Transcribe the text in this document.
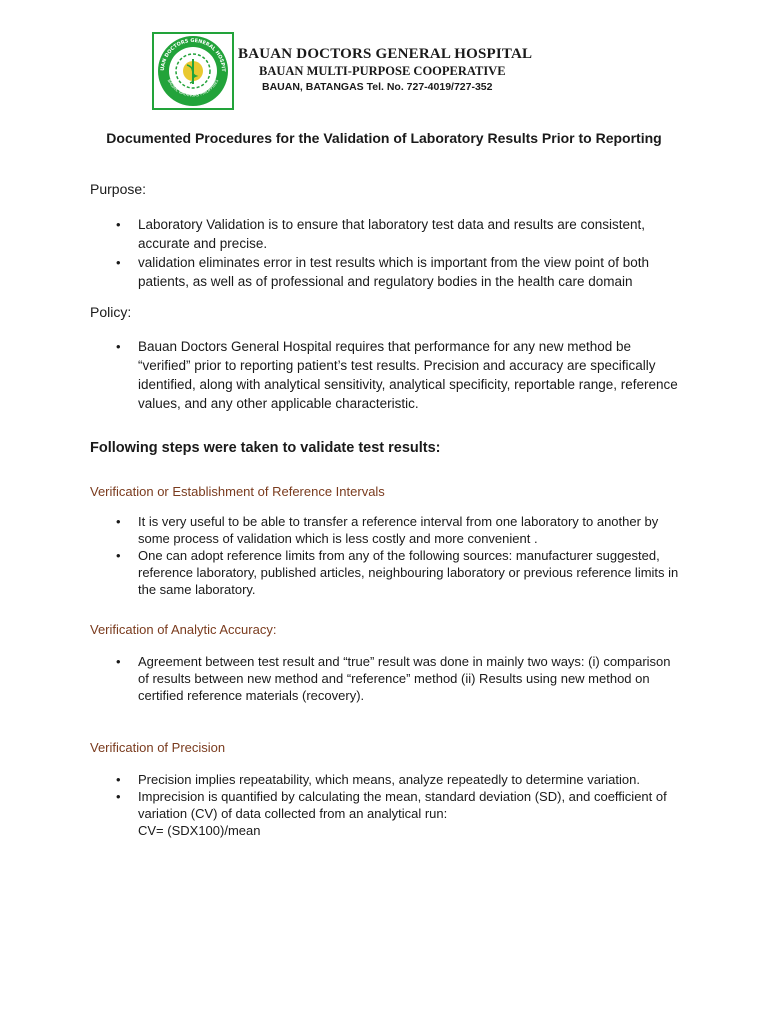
UAN DOCTORS GENERAL HOSPIT
BAUAN, BATANGAS PHILIPPINES
BAUAN DOCTORS GENERAL HOSPITAL
BAUAN MULTI-PURPOSE COOPERATIVE
BAUAN, BATANGAS Tel. No. 727-4019/727-352
Documented Procedures for the Validation of Laboratory Results Prior to Reporting
Purpose:
• Laboratory Validation is to ensure that laboratory test data and results are consistent, accurate and precise.
• validation eliminates error in test results which is important from the view point of both patients, as well as of professional and regulatory bodies in the health care domain
Policy:
• Bauan Doctors General Hospital requires that performance for any new method be “verified” prior to reporting patient’s test results. Precision and accuracy are specifically identified, along with analytical sensitivity, analytical specificity, reportable range, reference values, and any other applicable characteristic.
Following steps were taken to validate test results:
Verification or Establishment of Reference Intervals
• It is very useful to be able to transfer a reference interval from one laboratory to another by some process of validation which is less costly and more convenient .
• One can adopt reference limits from any of the following sources: manufacturer suggested, reference laboratory, published articles, neighbouring laboratory or previous reference limits in the same laboratory.
Verification of Analytic Accuracy:
• Agreement between test result and “true” result was done in mainly two ways: (i) comparison of results between new method and “reference” method (ii) Results using new method on certified reference materials (recovery).
Verification of Precision
• Precision implies repeatability, which means, analyze repeatedly to determine variation.
• Imprecision is quantified by calculating the mean, standard deviation (SD), and coefficient of variation (CV) of data collected from an analytical run:
CV= (SDX100)/mean
